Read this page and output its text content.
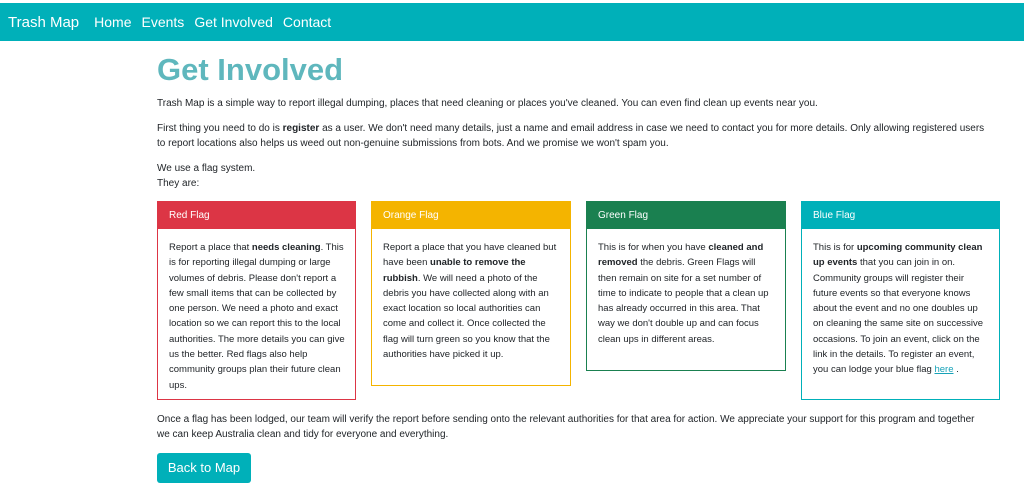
Trash Map Home Events Get Involved Contact
Get Involved

Trash Map is a simple way to report illegal dumping, places that need cleaning or places you've cleaned. You can even find clean up events near you.

First thing you need to do is register as a user. We don't need many details, just a name and email address in case we need to contact you for more details. Only allowing registered users to report locations also helps us weed out non-genuine submissions from bots. And we promise we won't spam you.

We use a flag system.
They are:

Red Flag
Report a place that needs cleaning. This is for reporting illegal dumping or large volumes of debris. Please don't report a few small items that can be collected by one person. We need a photo and exact location so we can report this to the local authorities. The more details you can give us the better. Red flags also help community groups plan their future clean ups.
Orange Flag
Report a place that you have cleaned but have been unable to remove the rubbish. We will need a photo of the debris you have collected along with an exact location so local authorities can come and collect it. Once collected the flag will turn green so you know that the authorities have picked it up.
Green Flag
This is for when you have cleaned and removed the debris. Green Flags will then remain on site for a set number of time to indicate to people that a clean up has already occurred in this area. That way we don't double up and can focus clean ups in different areas.
Blue Flag
This is for upcoming community clean up events that you can join in on. Community groups will register their future events so that everyone knows about the event and no one doubles up on cleaning the same site on successive occasions. To join an event, click on the link in the details. To register an event, you can lodge your blue flag here .

Once a flag has been lodged, our team will verify the report before sending onto the relevant authorities for that area for action. We appreciate your support for this program and together we can keep Australia clean and tidy for everyone and everything.

Back to Map
